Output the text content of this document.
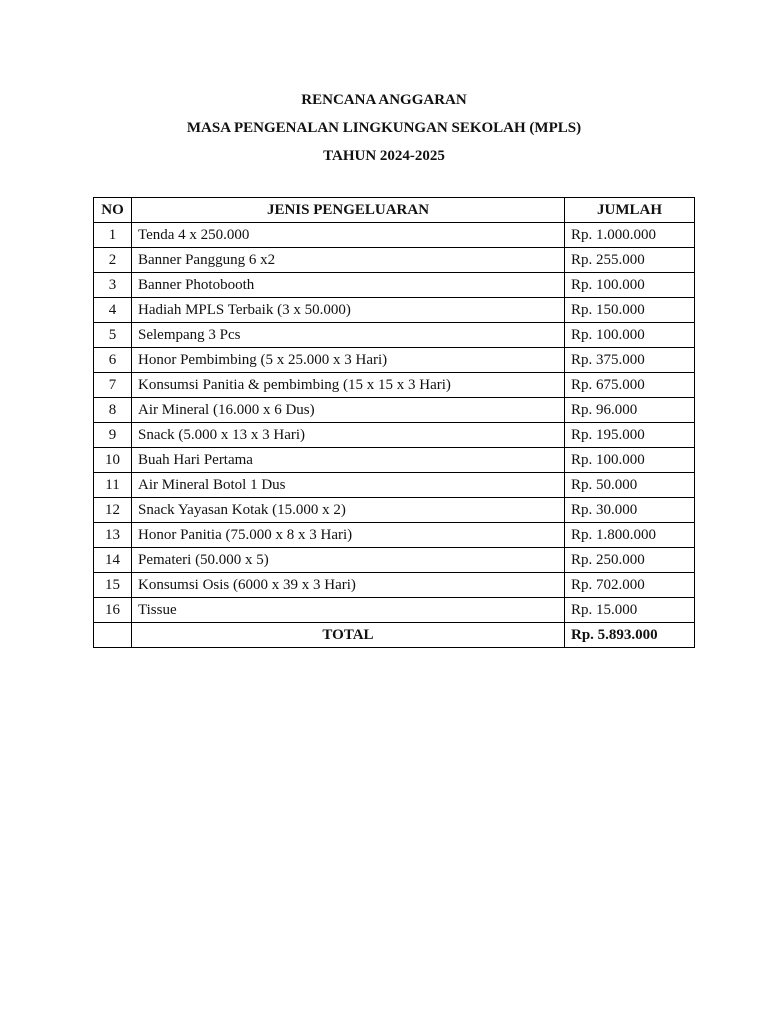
RENCANA ANGGARAN
MASA PENGENALAN LINGKUNGAN SEKOLAH (MPLS)
TAHUN 2024-2025
NO	JENIS PENGELUARAN	JUMLAH
1	Tenda 4 x 250.000	Rp. 1.000.000
2	Banner Panggung 6 x2	Rp. 255.000
3	Banner Photobooth	Rp. 100.000
4	Hadiah MPLS Terbaik (3 x 50.000)	Rp. 150.000
5	Selempang 3 Pcs	Rp. 100.000
6	Honor Pembimbing (5 x 25.000 x 3 Hari)	Rp. 375.000
7	Konsumsi Panitia & pembimbing (15 x 15 x 3 Hari)	Rp. 675.000
8	Air Mineral (16.000 x 6 Dus)	Rp. 96.000
9	Snack (5.000 x 13 x 3 Hari)	Rp. 195.000
10	Buah Hari Pertama	Rp. 100.000
11	Air Mineral Botol 1 Dus	Rp. 50.000
12	Snack Yayasan Kotak (15.000 x 2)	Rp. 30.000
13	Honor Panitia (75.000 x 8 x 3 Hari)	Rp. 1.800.000
14	Pemateri (50.000 x 5)	Rp. 250.000
15	Konsumsi Osis (6000 x 39 x 3 Hari)	Rp. 702.000
16	Tissue	Rp. 15.000
	TOTAL	Rp. 5.893.000
